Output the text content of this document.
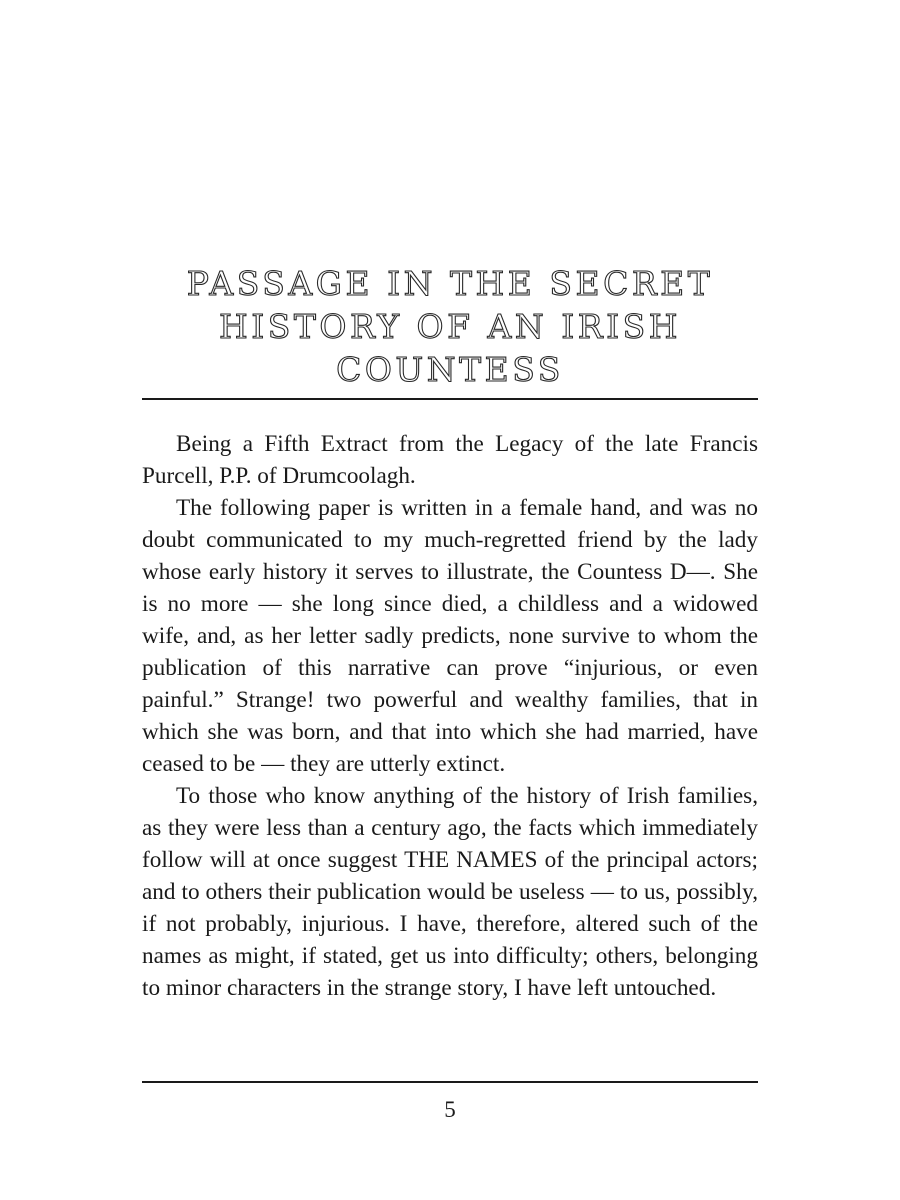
PASSAGE IN THE SECRET HISTORY OF AN IRISH COUNTESS

Being a Fifth Extract from the Legacy of the late Francis Purcell, P.P. of Drumcoolagh.

The following paper is written in a female hand, and was no doubt communicated to my much-regretted friend by the lady whose early history it serves to illustrate, the Countess D—. She is no more — she long since died, a childless and a widowed wife, and, as her letter sadly predicts, none survive to whom the publication of this narrative can prove “injurious, or even painful.” Strange! two powerful and wealthy families, that in which she was born, and that into which she had married, have ceased to be — they are utterly extinct.

To those who know anything of the history of Irish families, as they were less than a century ago, the facts which immediately follow will at once suggest THE NAMES of the principal actors; and to others their publication would be useless — to us, possibly, if not probably, injurious. I have, therefore, altered such of the names as might, if stated, get us into difficulty; others, belonging to minor characters in the strange story, I have left untouched.

5
